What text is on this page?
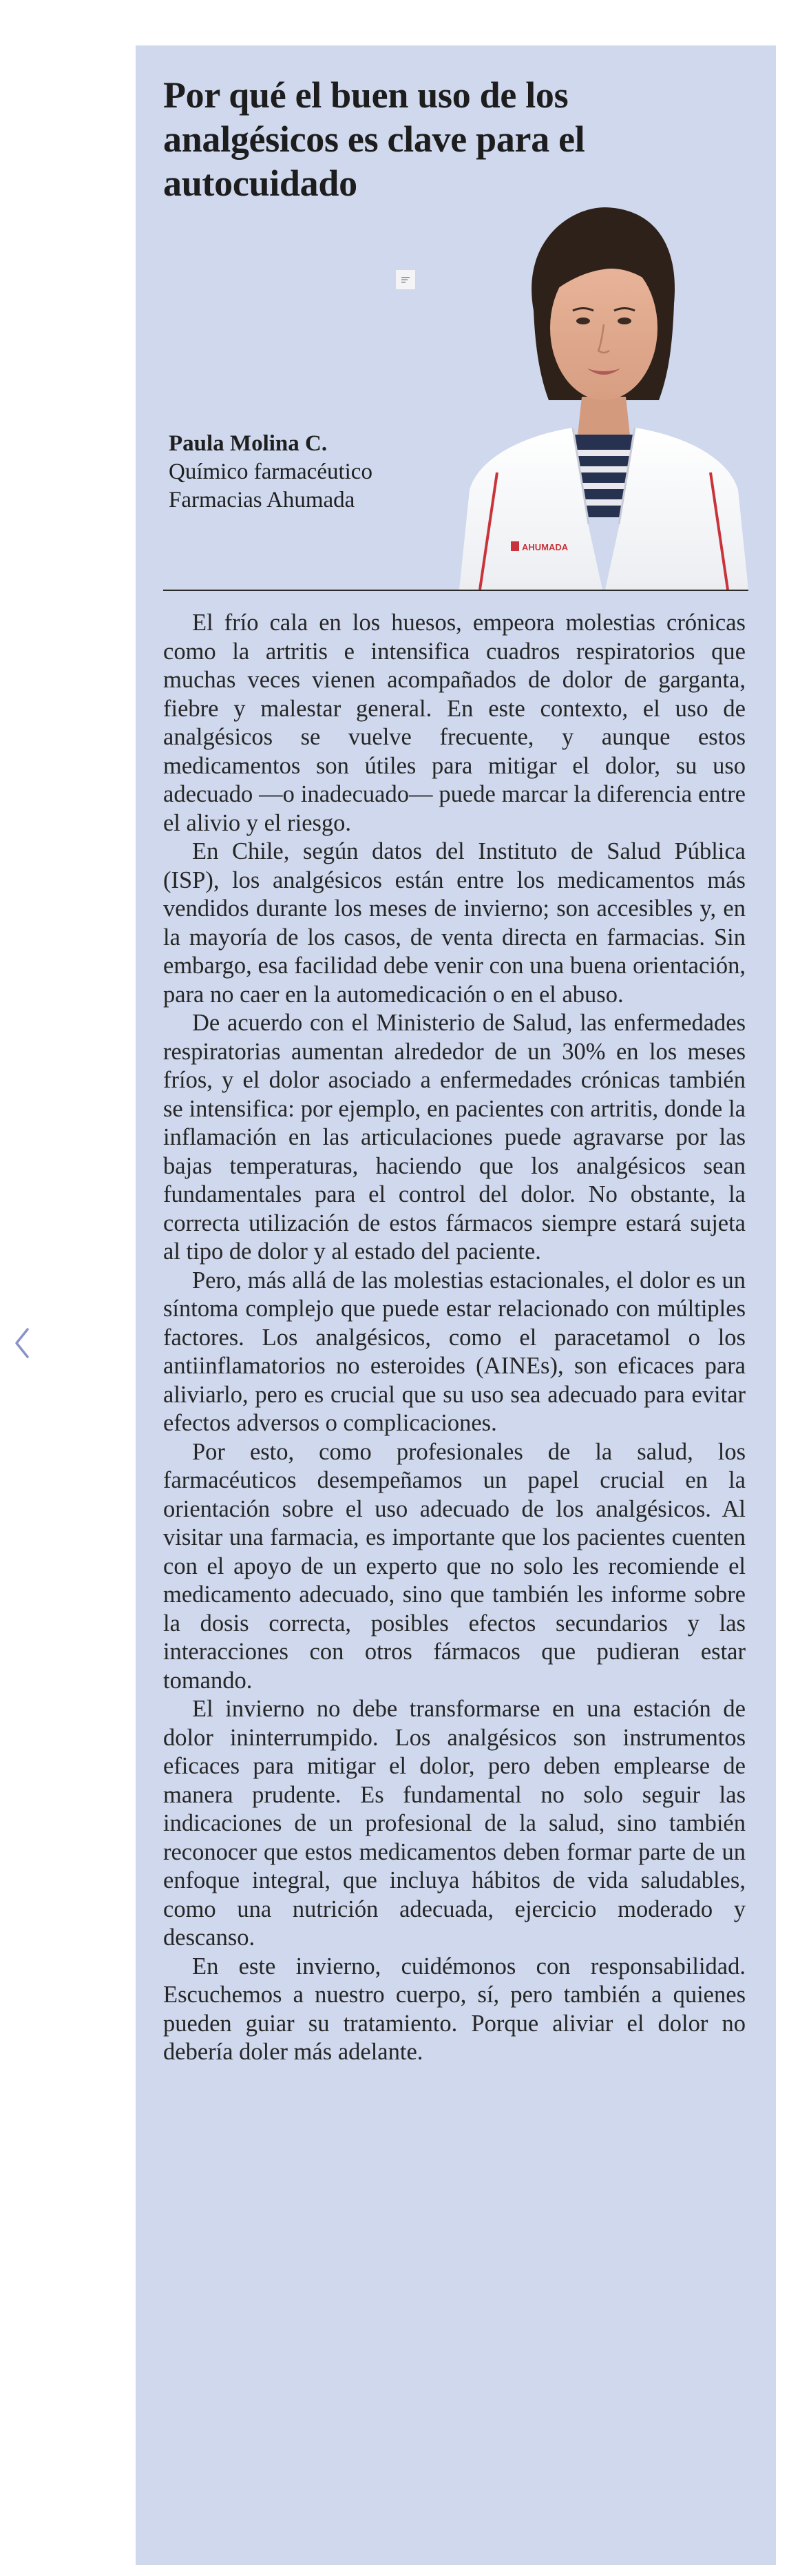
Por qué el buen uso de los analgésicos es clave para el autocuidado
AHUMADA
Paula Molina C.
Químico farmacéutico
Farmacias Ahumada

El frío cala en los huesos, empeora molestias crónicas como la artritis e intensifica cuadros respiratorios que muchas veces vienen acompañados de dolor de garganta, fiebre y malestar general. En este contexto, el uso de analgésicos se vuelve frecuente, y aunque estos medicamentos son útiles para mitigar el dolor, su uso adecuado —o inadecuado— puede marcar la diferencia entre el alivio y el riesgo.

En Chile, según datos del Instituto de Salud Pública (ISP), los analgésicos están entre los medicamentos más vendidos durante los meses de invierno; son accesibles y, en la mayoría de los casos, de venta directa en farmacias. Sin embargo, esa facilidad debe venir con una buena orientación, para no caer en la automedicación o en el abuso.

De acuerdo con el Ministerio de Salud, las enfermedades respiratorias aumentan alrededor de un 30% en los meses fríos, y el dolor asociado a enfermedades crónicas también se intensifica: por ejemplo, en pacientes con artritis, donde la inflamación en las articulaciones puede agravarse por las bajas temperaturas, haciendo que los analgésicos sean fundamentales para el control del dolor. No obstante, la correcta utilización de estos fármacos siempre estará sujeta al tipo de dolor y al estado del paciente.

Pero, más allá de las molestias estacionales, el dolor es un síntoma complejo que puede estar relacionado con múltiples factores. Los analgésicos, como el paracetamol o los antiinflamatorios no esteroides (AINEs), son eficaces para aliviarlo, pero es crucial que su uso sea adecuado para evitar efectos adversos o complicaciones.

Por esto, como profesionales de la salud, los farmacéuticos desempeñamos un papel crucial en la orientación sobre el uso adecuado de los analgésicos. Al visitar una farmacia, es importante que los pacientes cuenten con el apoyo de un experto que no solo les recomiende el medicamento adecuado, sino que también les informe sobre la dosis correcta, posibles efectos secundarios y las interacciones con otros fármacos que pudieran estar tomando.

El invierno no debe transformarse en una estación de dolor ininterrumpido. Los analgésicos son instrumentos eficaces para mitigar el dolor, pero deben emplearse de manera prudente. Es fundamental no solo seguir las indicaciones de un profesional de la salud, sino también reconocer que estos medicamentos deben formar parte de un enfoque integral, que incluya hábitos de vida saludables, como una nutrición adecuada, ejercicio moderado y descanso.

En este invierno, cuidémonos con responsabilidad. Escuchemos a nuestro cuerpo, sí, pero también a quienes pueden guiar su tratamiento. Porque aliviar el dolor no debería doler más adelante.
